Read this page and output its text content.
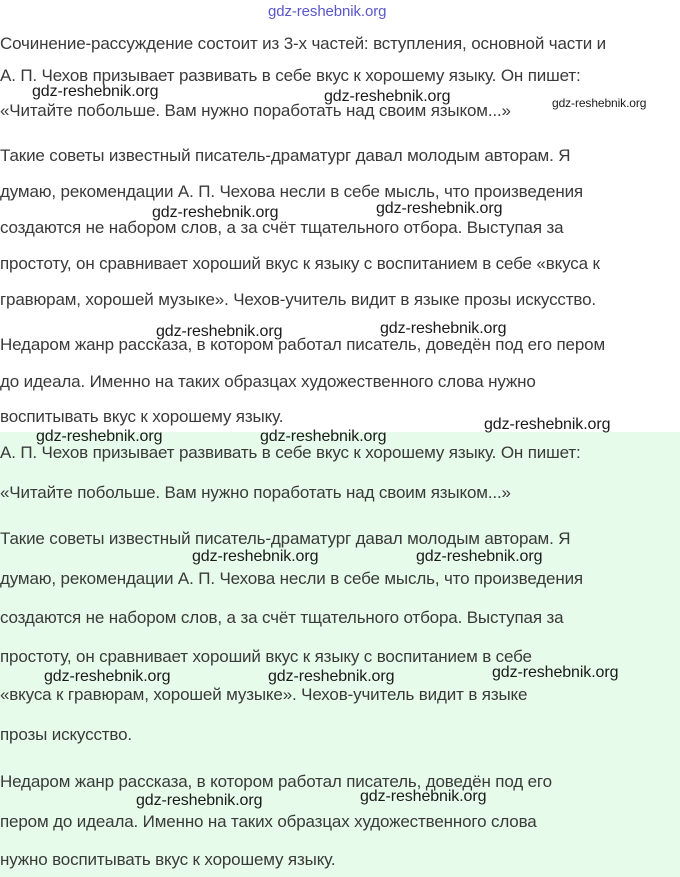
Сочинение-рассуждение состоит из 3-х частей: вступления, основной части и
А. П. Чехов призывает развивать в себе вкус к хорошему языку. Он пишет:
«Читайте побольше. Вам нужно поработать над своим языком...»
Такие советы известный писатель-драматург давал молодым авторам. Я
думаю, рекомендации А. П. Чехова несли в себе мысль, что произведения
создаются не набором слов, а за счёт тщательного отбора. Выступая за
простоту, он сравнивает хороший вкус к языку с воспитанием в себе «вкуса к
гравюрам, хорошей музыке». Чехов-учитель видит в языке прозы искусство.
Недаром жанр рассказа, в котором работал писатель, доведён под его пером
до идеала. Именно на таких образцах художественного слова нужно
воспитывать вкус к хорошему языку.
А. П. Чехов призывает развивать в себе вкус к хорошему языку. Он пишет:
«Читайте побольше. Вам нужно поработать над своим языком...»
Такие советы известный писатель-драматург давал молодым авторам. Я
думаю, рекомендации А. П. Чехова несли в себе мысль, что произведения
создаются не набором слов, а за счёт тщательного отбора. Выступая за
простоту, он сравнивает хороший вкус к языку с воспитанием в себе
«вкуса к гравюрам, хорошей музыке». Чехов-учитель видит в языке
прозы искусство.
Недаром жанр рассказа, в котором работал писатель, доведён под его
пером до идеала. Именно на таких образцах художественного слова
нужно воспитывать вкус к хорошему языку.
gdz-reshebnik.org
gdz-reshebnik.org	gdz-reshebnik.org	gdz-reshebnik.org
gdz-reshebnik.org	gdz-reshebnik.org
gdz-reshebnik.org	gdz-reshebnik.org
gdz-reshebnik.org
gdz-reshebnik.org	gdz-reshebnik.org
gdz-reshebnik.org	gdz-reshebnik.org
gdz-reshebnik.org	gdz-reshebnik.org	gdz-reshebnik.org
gdz-reshebnik.org	gdz-reshebnik.org
